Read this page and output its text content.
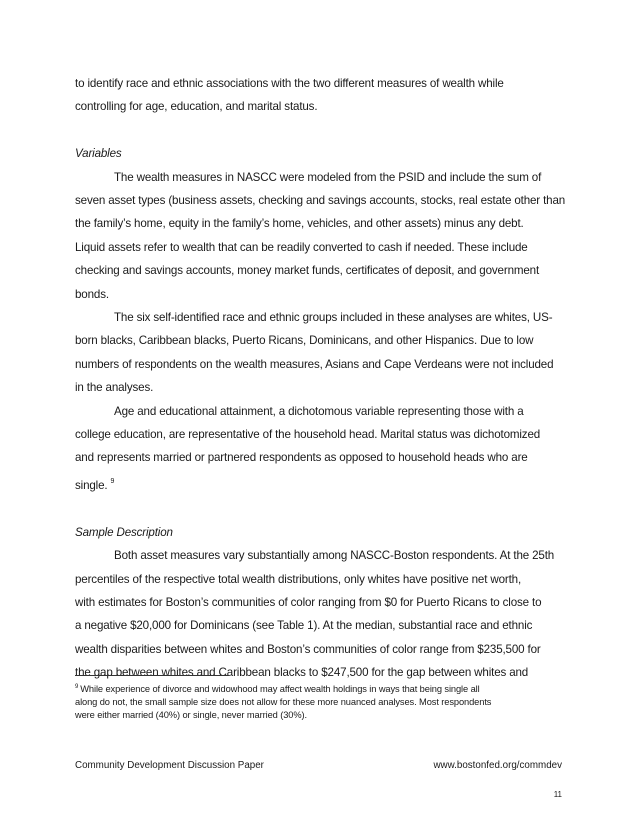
to identify race and ethnic associations with the two different measures of wealth while
controlling for age, education, and marital status.

Variables

The wealth measures in NASCC were modeled from the PSID and include the sum of
seven asset types (business assets, checking and savings accounts, stocks, real estate other than
the family’s home, equity in the family’s home, vehicles, and other assets) minus any debt.
Liquid assets refer to wealth that can be readily converted to cash if needed. These include
checking and savings accounts, money market funds, certificates of deposit, and government
bonds.

The six self-identified race and ethnic groups included in these analyses are whites, US-
born blacks, Caribbean blacks, Puerto Ricans, Dominicans, and other Hispanics. Due to low
numbers of respondents on the wealth measures, Asians and Cape Verdeans were not included
in the analyses.

Age and educational attainment, a dichotomous variable representing those with a
college education, are representative of the household head. Marital status was dichotomized
and represents married or partnered respondents as opposed to household heads who are
single. $^9$

Sample Description

Both asset measures vary substantially among NASCC-Boston respondents. At the 25th
percentiles of the respective total wealth distributions, only whites have positive net worth,
with estimates for Boston’s communities of color ranging from $0 for Puerto Ricans to close to
a negative $20,000 for Dominicans (see Table 1). At the median, substantial race and ethnic
wealth disparities between whites and Boston’s communities of color range from $235,500 for
the gap between whites and Caribbean blacks to $247,500 for the gap between whites and

$^9$ While experience of divorce and widowhood may affect wealth holdings in ways that being single all
along do not, the small sample size does not allow for these more nuanced analyses. Most respondents
were either married (40%) or single, never married (30%).
Community Development Discussion Paper	www.bostonfed.org/commdev
11
